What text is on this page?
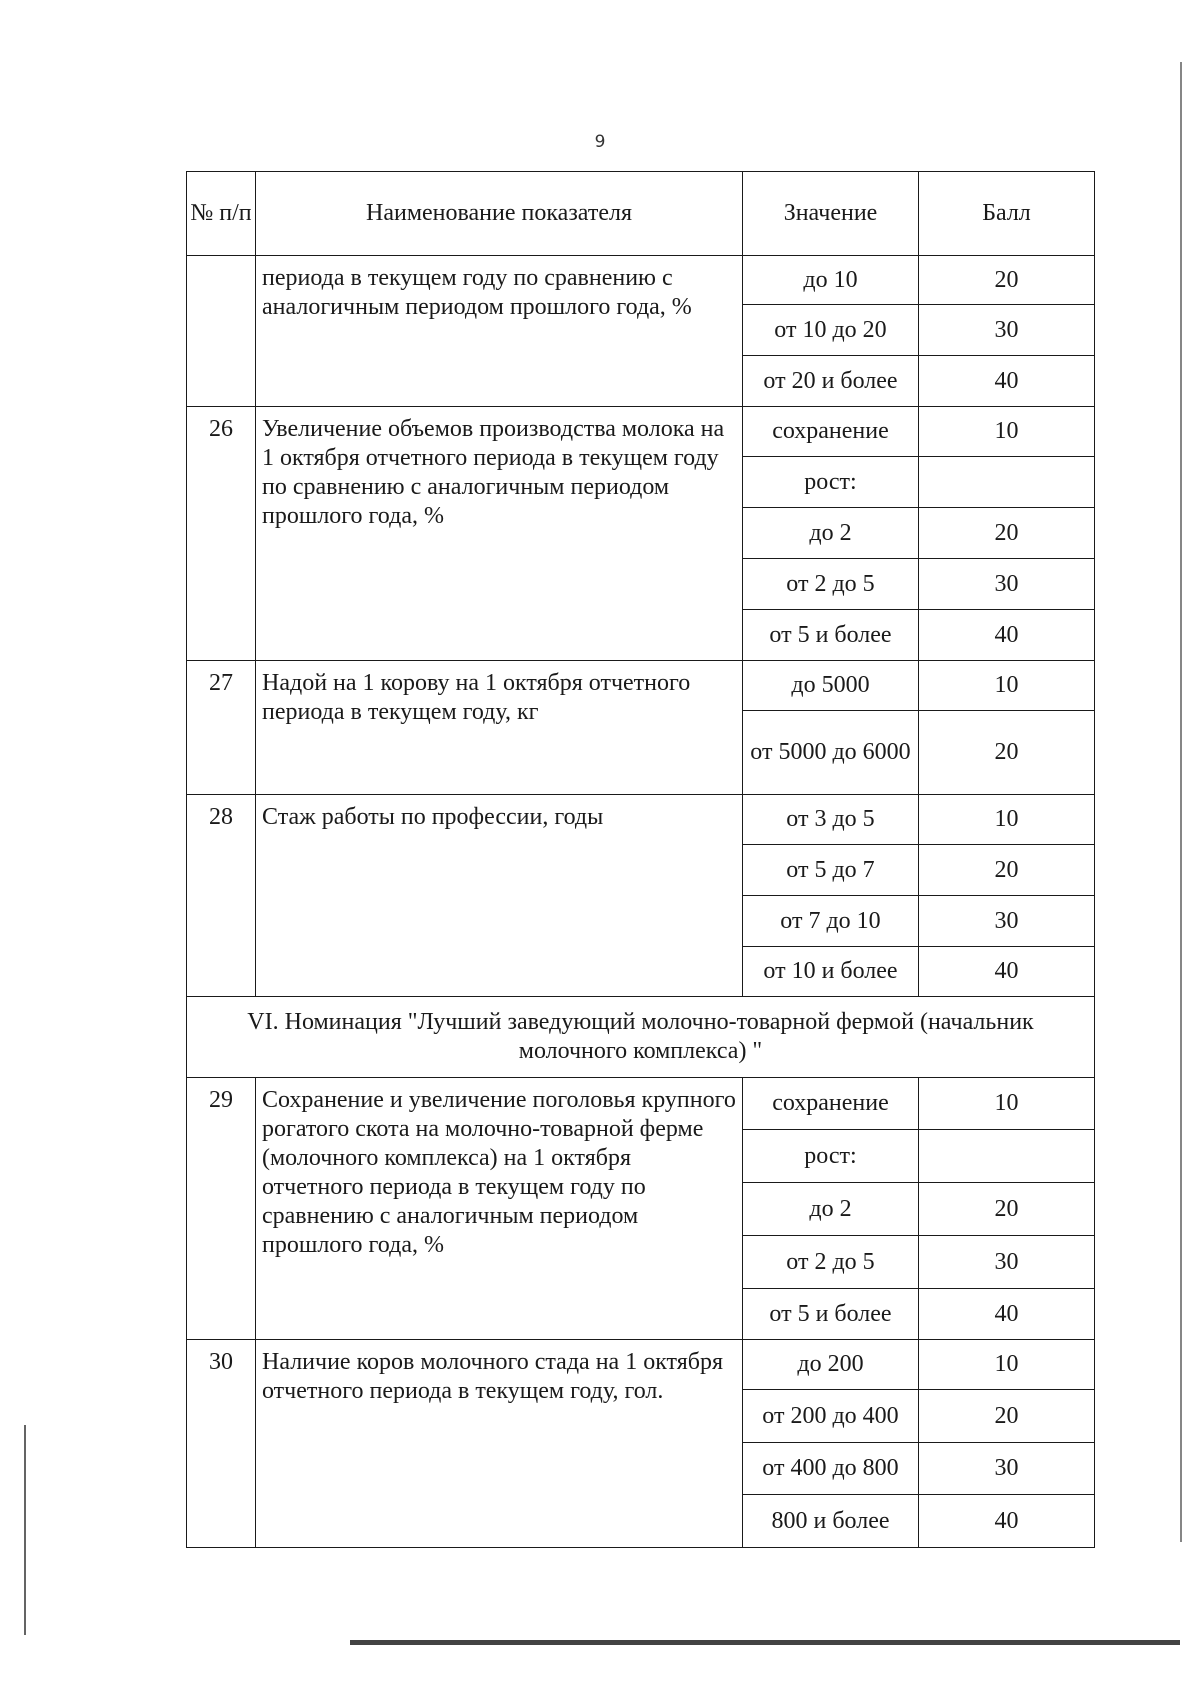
9
№ п/п	Наименование показателя	Значение	Балл
	периода в текущем году по сравнению с аналогичным периодом прошлого года, %	до 10	20
		от 10 до 20	30
		от 20 и более	40
26	Увеличение объемов производства молока на 1 октября отчетного периода в текущем году по сравнению с аналогичным периодом прошлого года, %	сохранение	10
		рост:	
		до 2	20
		от 2 до 5	30
		от 5 и более	40
27	Надой на 1 корову на 1 октября отчетного периода в текущем году, кг	до 5000	10
		от 5000 до 6000	20
28	Стаж работы по профессии, годы	от 3 до 5	10
		от 5 до 7	20
		от 7 до 10	30
		от 10 и более	40
VI. Номинация "Лучший заведующий молочно-товарной фермой (начальник молочного комплекса) "			
29	Сохранение и увеличение поголовья крупного рогатого скота на молочно-товарной ферме (молочного комплекса) на 1 октября отчетного периода в текущем году по сравнению с аналогичным периодом прошлого года, %	сохранение	10
		рост:	
		до 2	20
		от 2 до 5	30
		от 5 и более	40
30	Наличие коров молочного стада на 1 октября отчетного периода в текущем году, гол.	до 200	10
		от 200 до 400	20
		от 400 до 800	30
		800 и более	40
